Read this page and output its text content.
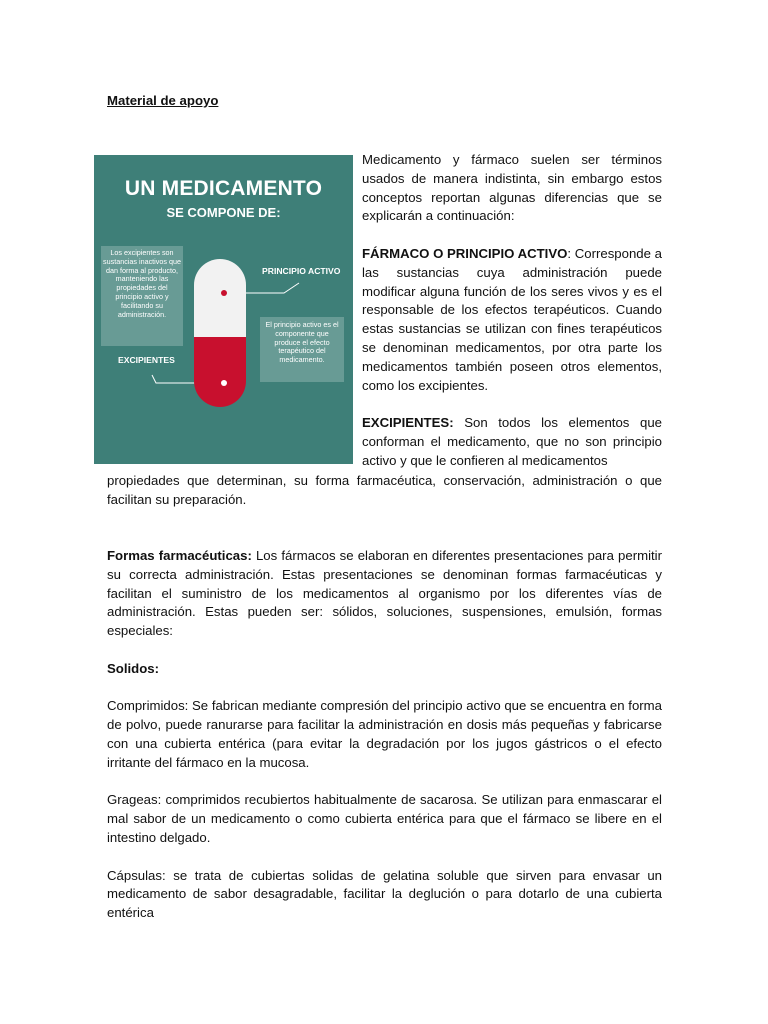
Material de apoyo
UN MEDICAMENTO
SE COMPONE DE:
Los excipientes son sustancias inactivos que dan forma al producto, manteniendo las propiedades del principio activo y facilitando su administración.
PRINCIPIO ACTIVO
El principio activo es el componente que produce el efecto terapéutico del medicamento.
EXCIPIENTES

Medicamento y fármaco suelen ser términos usados de manera indistinta, sin embargo estos conceptos reportan algunas diferencias que se explicarán a continuación:

FÁRMACO O PRINCIPIO ACTIVO: Corresponde a las sustancias cuya administración puede modificar alguna función de los seres vivos y es el responsable de los efectos terapéuticos. Cuando estas sustancias se utilizan con fines terapéuticos se denominan medicamentos, por otra parte los medicamentos también poseen otros elementos, como los excipientes.

EXCIPIENTES: Son todos los elementos que conforman el medicamento, que no son principio activo y que le confieren al medicamentos

propiedades que determinan, su forma farmacéutica, conservación, administración o que facilitan su preparación.

Formas farmacéuticas: Los fármacos se elaboran en diferentes presentaciones para permitir su correcta administración. Estas presentaciones se denominan formas farmacéuticas y facilitan el suministro de los medicamentos al organismo por los diferentes vías de administración. Estas pueden ser: sólidos, soluciones, suspensiones, emulsión, formas especiales:

Solidos:

Comprimidos: Se fabrican mediante compresión del principio activo que se encuentra en forma de polvo, puede ranurarse para facilitar la administración en dosis más pequeñas y fabricarse con una cubierta entérica (para evitar la degradación por los jugos gástricos o el efecto irritante del fármaco en la mucosa.

Grageas: comprimidos recubiertos habitualmente de sacarosa. Se utilizan para enmascarar el mal sabor de un medicamento o como cubierta entérica para que el fármaco se libere en el intestino delgado.

Cápsulas: se trata de cubiertas solidas de gelatina soluble que sirven para envasar un medicamento de sabor desagradable, facilitar la deglución o para dotarlo de una cubierta entérica
